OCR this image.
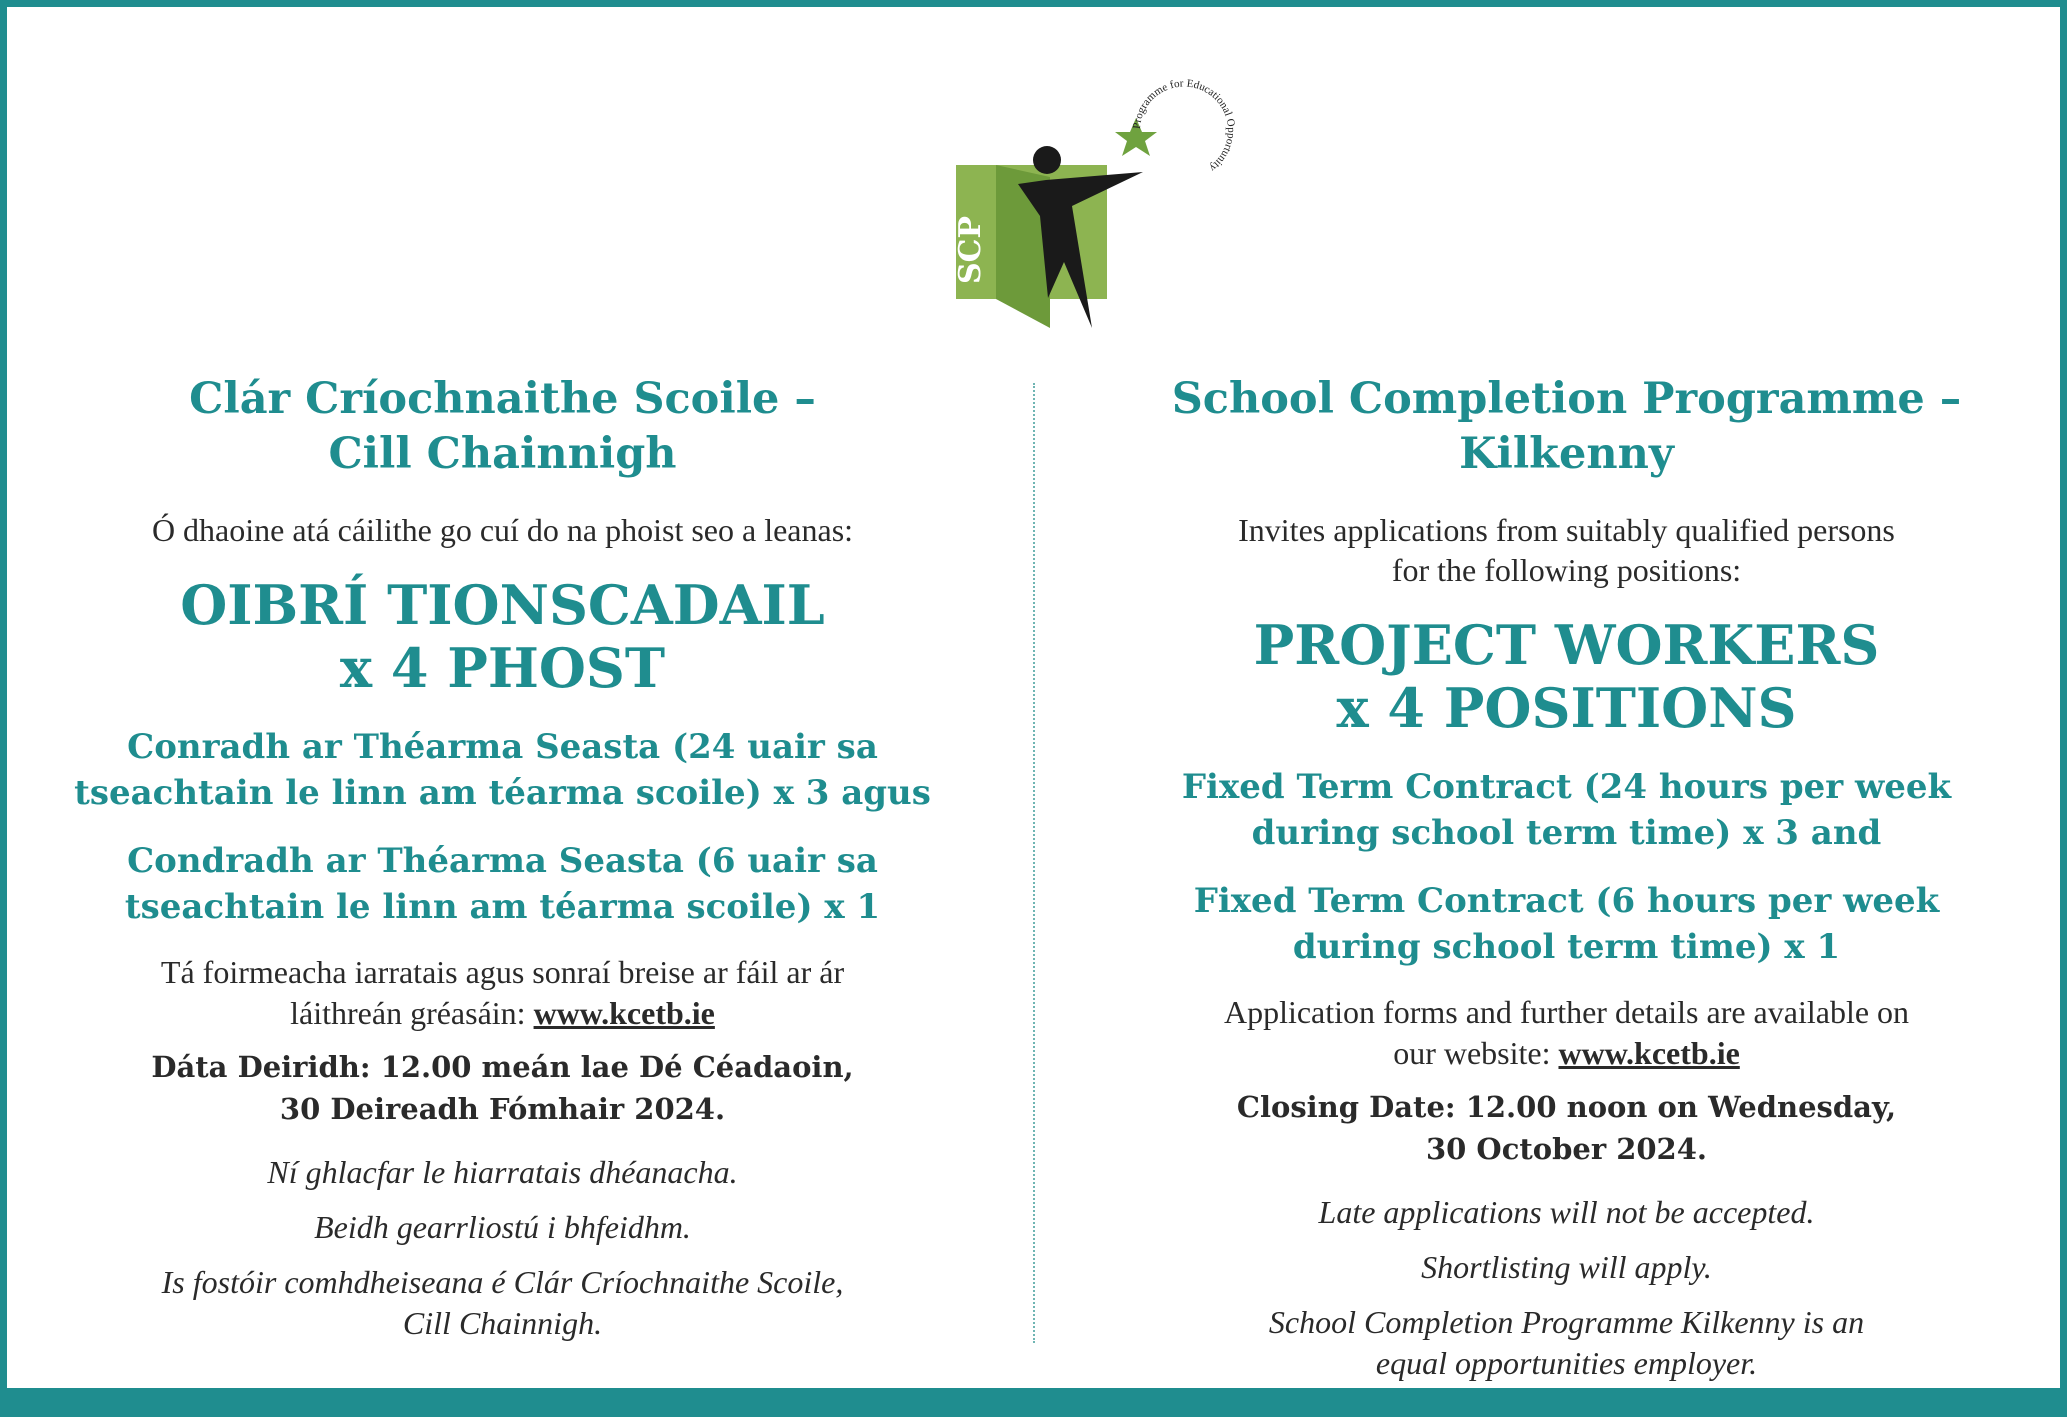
SCP
Programme for Educational Opportunity

Clár Críochnaithe Scoile –

Cill Chainnigh

Ó dhaoine atá cáilithe go cuí do na phoist seo a leanas:

OIBRÍ TIONSCADAIL

x 4 PHOST

Conradh ar Théarma Seasta (24 uair sa

tseachtain le linn am téarma scoile) x 3 agus

Condradh ar Théarma Seasta (6 uair sa

tseachtain le linn am téarma scoile) x 1

Tá foirmeacha iarratais agus sonraí breise ar fáil ar ár

láithreán gréasáin: www.kcetb.ie

Dáta Deiridh: 12.00 meán lae Dé Céadaoin,

30 Deireadh Fómhair 2024.

Ní ghlacfar le hiarratais dhéanacha.

Beidh gearrliostú i bhfeidhm.

Is fostóir comhdheiseana é Clár Críochnaithe Scoile,

Cill Chainnigh.

School Completion Programme –

Kilkenny

Invites applications from suitably qualified persons

for the following positions:

PROJECT WORKERS

x 4 POSITIONS

Fixed Term Contract (24 hours per week

during school term time) x 3 and

Fixed Term Contract (6 hours per week

during school term time) x 1

Application forms and further details are available on

our website: www.kcetb.ie

Closing Date: 12.00 noon on Wednesday,

30 October 2024.

Late applications will not be accepted.

Shortlisting will apply.

School Completion Programme Kilkenny is an

equal opportunities employer.
